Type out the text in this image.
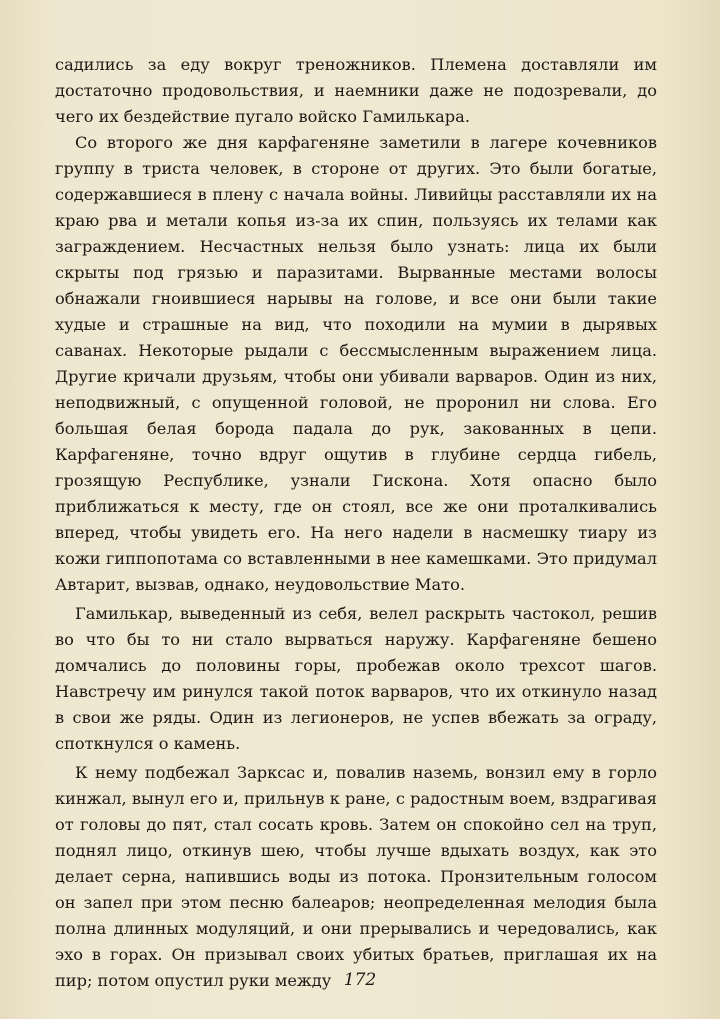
садились за еду вокруг треножников. Племена доставляли им достаточно продовольствия, и наемники даже не подозревали, до чего их бездействие пугало войско Гамилькара.

Со второго же дня карфагеняне заметили в лагере кочевников группу в триста человек, в стороне от других. Это были богатые, содержавшиеся в плену с начала войны. Ливийцы расставляли их на краю рва и метали копья из-за их спин, пользуясь их телами как заграждением. Несчастных нельзя было узнать: лица их были скрыты под грязью и паразитами. Вырванные местами волосы обнажали гноившиеся нарывы на голове, и все они были такие худые и страшные на вид, что походили на мумии в дырявых саванах. Некоторые рыдали с бессмысленным выражением лица. Другие кричали друзьям, чтобы они убивали варваров. Один из них, неподвижный, с опущенной головой, не проронил ни слова. Его большая белая борода падала до рук, закованных в цепи. Карфагеняне, точно вдруг ощутив в глубине сердца гибель, грозящую Республике, узнали Гискона. Хотя опасно было приближаться к месту, где он стоял, все же они проталкивались вперед, чтобы увидеть его. На него надели в насмешку тиару из кожи гиппопотама со вставленными в нее камешками. Это придумал Автарит, вызвав, однако, неудовольствие Мато.

Гамилькар, выведенный из себя, велел раскрыть частокол, решив во что бы то ни стало вырваться наружу. Карфагеняне бешено домчались до половины горы, пробежав около трехсот шагов. Навстречу им ринулся такой поток варваров, что их откинуло назад в свои же ряды. Один из легионеров, не успев вбежать за ограду, споткнулся о камень.

К нему подбежал Зарксас и, повалив наземь, вонзил ему в горло кинжал, вынул его и, прильнув к ране, с радостным воем, вздрагивая от головы до пят, стал сосать кровь. Затем он спокойно сел на труп, поднял лицо, откинув шею, чтобы лучше вдыхать воздух, как это делает серна, напившись воды из потока. Пронзительным голосом он запел при этом песню балеаров; неопределенная мелодия была полна длинных модуляций, и они прерывались и чередовались, как эхо в горах. Он призывал своих убитых братьев, приглашая их на пир; потом опустил руки между 172
